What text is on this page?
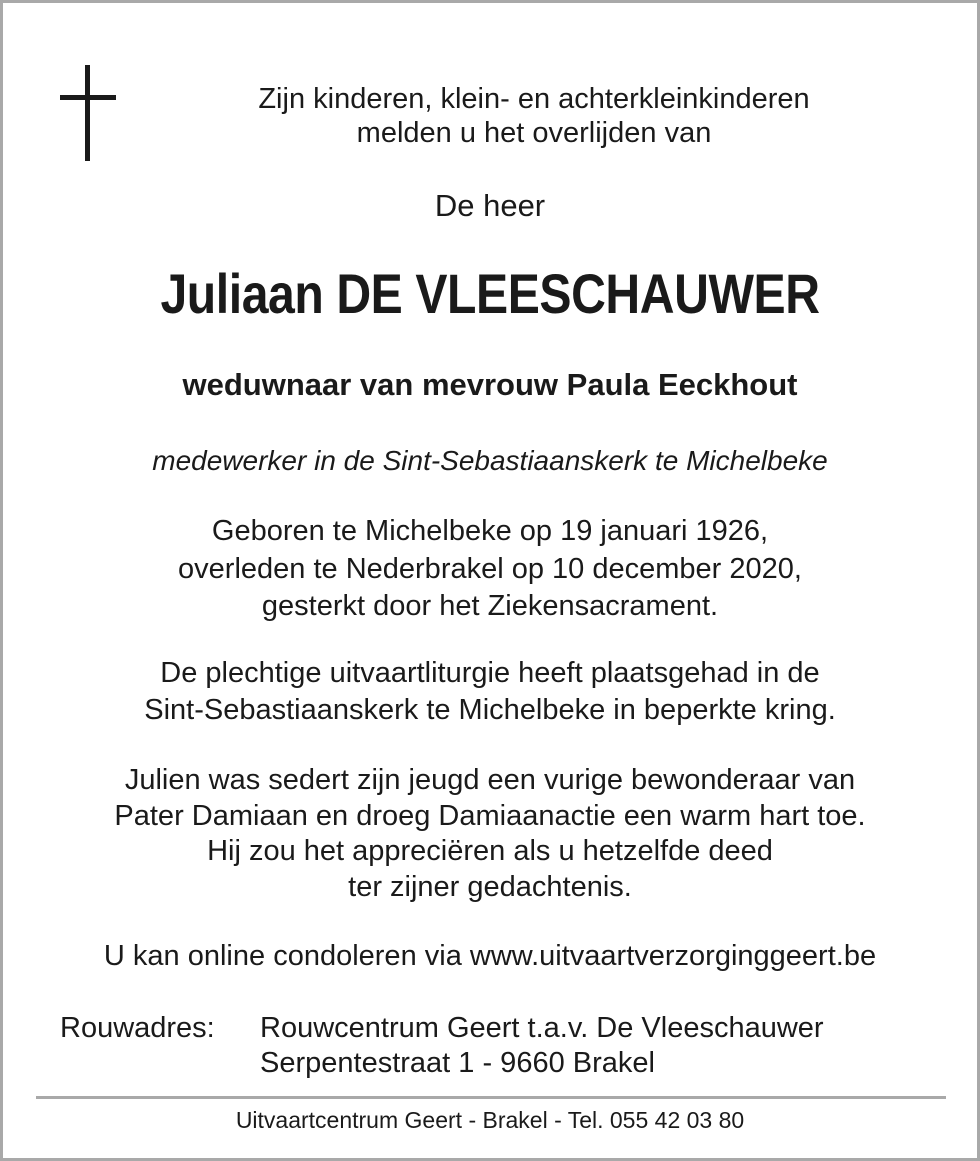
Zijn kinderen, klein- en achterkleinkinderen
melden u het overlijden van
De heer
Juliaan DE VLEESCHAUWER
weduwnaar van mevrouw Paula Eeckhout
medewerker in de Sint-Sebastiaanskerk te Michelbeke
Geboren te Michelbeke op 19 januari 1926,
overleden te Nederbrakel op 10 december 2020,
gesterkt door het Ziekensacrament.
De plechtige uitvaartliturgie heeft plaatsgehad in de
Sint-Sebastiaanskerk te Michelbeke in beperkte kring.
Julien was sedert zijn jeugd een vurige bewonderaar van
Pater Damiaan en droeg Damiaanactie een warm hart toe.
Hij zou het appreciëren als u hetzelfde deed
ter zijner gedachtenis.
U kan online condoleren via www.uitvaartverzorginggeert.be
Rouwadres: Rouwcentrum Geert t.a.v. De Vleeschauwer
Serpentestraat 1 - 9660 Brakel
Uitvaartcentrum Geert - Brakel - Tel. 055 42 03 80
